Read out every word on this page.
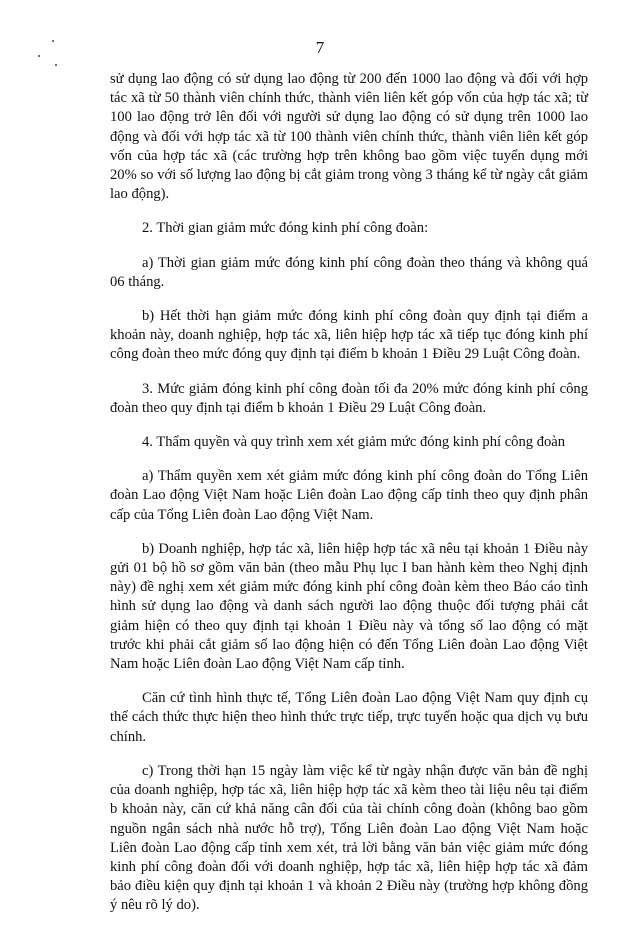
7

sử dụng lao động có sử dụng lao động từ 200 đến 1000 lao động và đối với hợp tác xã từ 50 thành viên chính thức, thành viên liên kết góp vốn của hợp tác xã; từ 100 lao động trở lên đối với người sử dụng lao động có sử dụng trên 1000 lao động và đối với hợp tác xã từ 100 thành viên chính thức, thành viên liên kết góp vốn của hợp tác xã (các trường hợp trên không bao gồm việc tuyển dụng mới 20% so với số lượng lao động bị cắt giảm trong vòng 3 tháng kể từ ngày cắt giảm lao động).

2. Thời gian giảm mức đóng kinh phí công đoàn:

a) Thời gian giảm mức đóng kinh phí công đoàn theo tháng và không quá 06 tháng.

b) Hết thời hạn giảm mức đóng kinh phí công đoàn quy định tại điểm a khoản này, doanh nghiệp, hợp tác xã, liên hiệp hợp tác xã tiếp tục đóng kinh phí công đoàn theo mức đóng quy định tại điểm b khoản 1 Điều 29 Luật Công đoàn.

3. Mức giảm đóng kinh phí công đoàn tối đa 20% mức đóng kinh phí công đoàn theo quy định tại điểm b khoản 1 Điều 29 Luật Công đoàn.

4. Thẩm quyền và quy trình xem xét giảm mức đóng kinh phí công đoàn

a) Thẩm quyền xem xét giảm mức đóng kinh phí công đoàn do Tổng Liên đoàn Lao động Việt Nam hoặc Liên đoàn Lao động cấp tỉnh theo quy định phân cấp của Tổng Liên đoàn Lao động Việt Nam.

b) Doanh nghiệp, hợp tác xã, liên hiệp hợp tác xã nêu tại khoản 1 Điều này gửi 01 bộ hồ sơ gồm văn bản (theo mẫu Phụ lục I ban hành kèm theo Nghị định này) đề nghị xem xét giảm mức đóng kinh phí công đoàn kèm theo Báo cáo tình hình sử dụng lao động và danh sách người lao động thuộc đối tượng phải cắt giảm hiện có theo quy định tại khoản 1 Điều này và tổng số lao động có mặt trước khi phải cắt giảm số lao động hiện có đến Tổng Liên đoàn Lao động Việt Nam hoặc Liên đoàn Lao động Việt Nam cấp tỉnh.

Căn cứ tình hình thực tế, Tổng Liên đoàn Lao động Việt Nam quy định cụ thể cách thức thực hiện theo hình thức trực tiếp, trực tuyến hoặc qua dịch vụ bưu chính.

c) Trong thời hạn 15 ngày làm việc kể từ ngày nhận được văn bản đề nghị của doanh nghiệp, hợp tác xã, liên hiệp hợp tác xã kèm theo tài liệu nêu tại điểm b khoản này, căn cứ khả năng cân đối của tài chính công đoàn (không bao gồm nguồn ngân sách nhà nước hỗ trợ), Tổng Liên đoàn Lao động Việt Nam hoặc Liên đoàn Lao động cấp tỉnh xem xét, trả lời bằng văn bản việc giảm mức đóng kinh phí công đoàn đối với doanh nghiệp, hợp tác xã, liên hiệp hợp tác xã đảm bảo điều kiện quy định tại khoản 1 và khoản 2 Điều này (trường hợp không đồng ý nêu rõ lý do).
